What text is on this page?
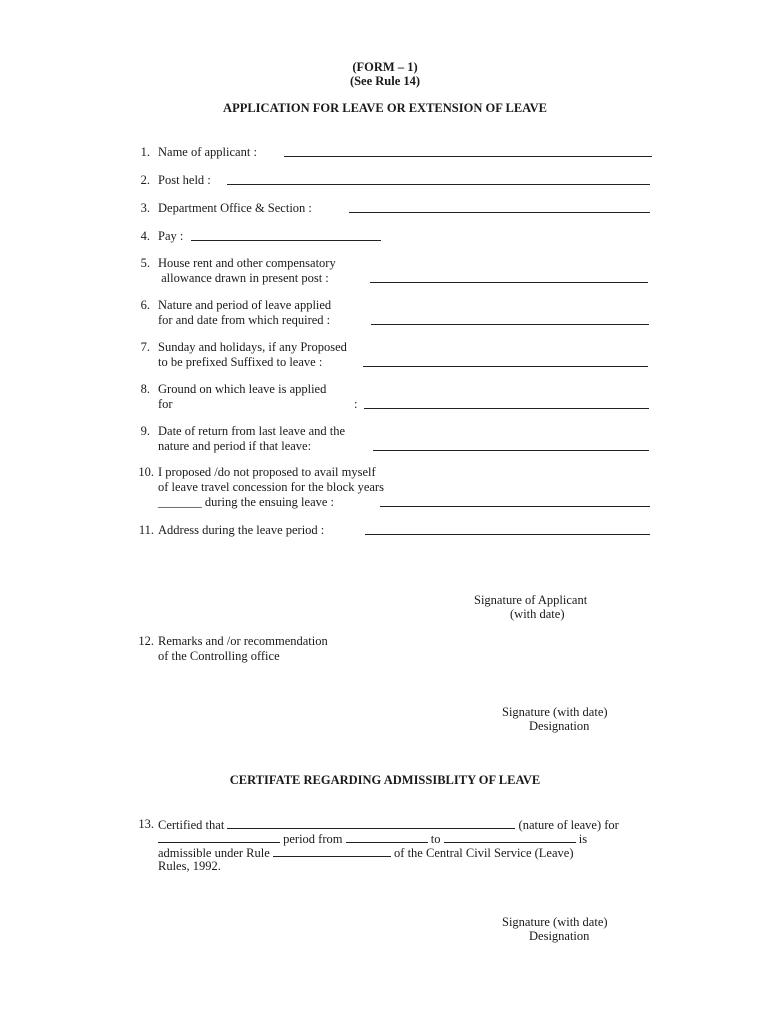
(FORM – 1)
(See Rule 14)
APPLICATION FOR LEAVE OR EXTENSION OF LEAVE
1. Name of applicant :
2. Post held :
3. Department Office & Section :
4. Pay :
5. House rent and other compensatory
allowance drawn in present post :
6. Nature and period of leave applied
for and date from which required :
7. Sunday and holidays, if any Proposed
to be prefixed Suffixed to leave :
8. Ground on which leave is applied
for	:
9. Date of return from last leave and the
nature and period if that leave:
10. I proposed /do not proposed to avail myself
of leave travel concession for the block years
_______ during the ensuing leave :
11. Address during the leave period :
Signature of Applicant
(with date)
12. Remarks and /or recommendation
of the Controlling office
Signature (with date)
Designation
CERTIFATE REGARDING ADMISSIBLITY OF LEAVE
13. Certified that	(nature of leave) for
period from	to	is
admissible under Rule	of the Central Civil Service (Leave)
Rules, 1992.
Signature (with date)
Designation
